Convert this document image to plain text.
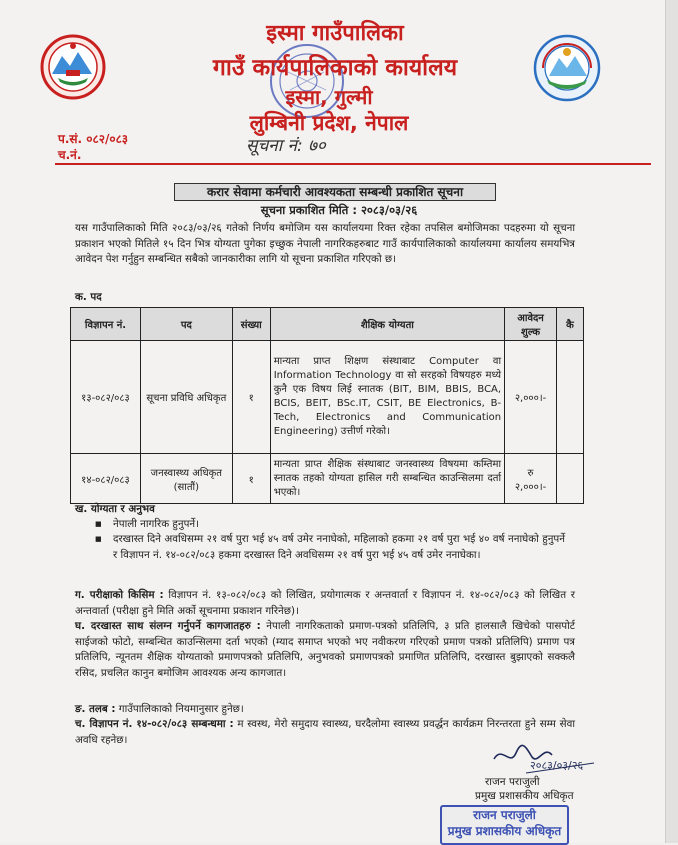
इस्मा गाउँपालिका
गाउँ कार्यपालिकाको कार्यालय
इस्मा, गुल्मी
लुम्बिनी प्रदेश, नेपाल
प.सं. ०८२/०८३
च.नं.	सूचना नं: ७०
करार सेवामा कर्मचारी आवश्यकता सम्बन्धी प्रकाशित सूचना
सूचना प्रकाशित मिति : २०८३/०३/२६
यस गाउँपालिकाको मिति २०८३/०३/२६ गतेको निर्णय बमोजिम यस कार्यालयमा रिक्त रहेका तपसिल बमोजिमका पदहरुमा यो सूचना प्रकाशन भएको मितिले १५ दिन भित्र योग्यता पुगेका इच्छुक नेपाली नागरिकहरुबाट गाउँ कार्यपालिकाको कार्यालयमा कार्यालय समयभित्र आवेदन पेश गर्नुहुन सम्बन्धित सबैको जानकारीका लागि यो सूचना प्रकाशित गरिएको छ।
क. पद
विज्ञापन नं.	पद	संख्या	शैक्षिक योग्यता	आवेदन शुल्क	कै
१३-०८२/०८३	सूचना प्रविधि अधिकृत	१	मान्यता प्राप्त शिक्षण संस्थाबाट Computer वा Information Technology वा सो सरहको विषयहरु मध्ये कुनै एक विषय लिई स्नातक (BIT, BIM, BBIS, BCA, BCIS, BEIT, BSc.IT, CSIT, BE Electronics, B-Tech, Electronics and Communication Engineering) उत्तीर्ण गरेको।	२,०००।-	
१४-०८२/०८३	जनस्वास्थ्य अधिकृत (सातौं)	१	मान्यता प्राप्त शैक्षिक संस्थाबाट जनस्वास्थ्य विषयमा कम्तिमा स्नातक तहको योग्यता हासिल गरी सम्बन्धित काउन्सिलमा दर्ता भएको।	रु
२,०००।-	

ख. योग्यता र अनुभव
■ नेपाली नागरिक हुनुपर्ने।
■ दरखास्त दिने अवधिसम्म २१ वर्ष पुरा भई ४५ वर्ष उमेर ननाघेको, महिलाको हकमा २१ वर्ष पुरा भई ४० वर्ष ननाघेको हुनुपर्ने र विज्ञापन नं. १४-०८२/०८३ हकमा दरखास्त दिने अवधिसम्म २१ वर्ष पुरा भई ४५ वर्ष उमेर ननाघेका।
ग. परीक्षाको किसिम : विज्ञापन नं. १३-०८२/०८३ को लिखित, प्रयोगात्मक र अन्तवार्ता र विज्ञापन नं. १४-०८२/०८३ को लिखित र अन्तवार्ता (परीक्षा हुने मिति अर्को सूचनामा प्रकाशन गरिनेछ)।
घ. दरखास्त साथ संलग्न गर्नुपर्ने कागजातहरु : नेपाली नागरिकताको प्रमाण-पत्रको प्रतिलिपि, ३ प्रति हालसालै खिचेको पासपोर्ट साईजको फोटो, सम्बन्धित काउन्सिलमा दर्ता भएको (म्याद समाप्त भएको भए नवीकरण गरिएको प्रमाण पत्रको प्रतिलिपि) प्रमाण पत्र प्रतिलिपि, न्यूनतम शैक्षिक योग्यताको प्रमाणपत्रको प्रतिलिपि, अनुभवको प्रमाणपत्रको प्रमाणित प्रतिलिपि, दरखास्त बुझाएको सक्कलै रसिद, प्रचलित कानुन बमोजिम आवश्यक अन्य कागजात।
ङ. तलब : गाउँपालिकाको नियमानुसार हुनेछ।
च. विज्ञापन नं. १४-०८२/०८३ सम्बन्धमा : म स्वस्थ, मेरो समुदाय स्वास्थ्य, घरदैलोमा स्वास्थ्य प्रवर्द्धन कार्यक्रम निरन्तरता हुने सम्म सेवा अवधि रहनेछ।
२०८३/०३/२६
राजन पराजुली
प्रमुख प्रशासकीय अधिकृत
राजन पराजुली
प्रमुख प्रशासकीय अधिकृत
